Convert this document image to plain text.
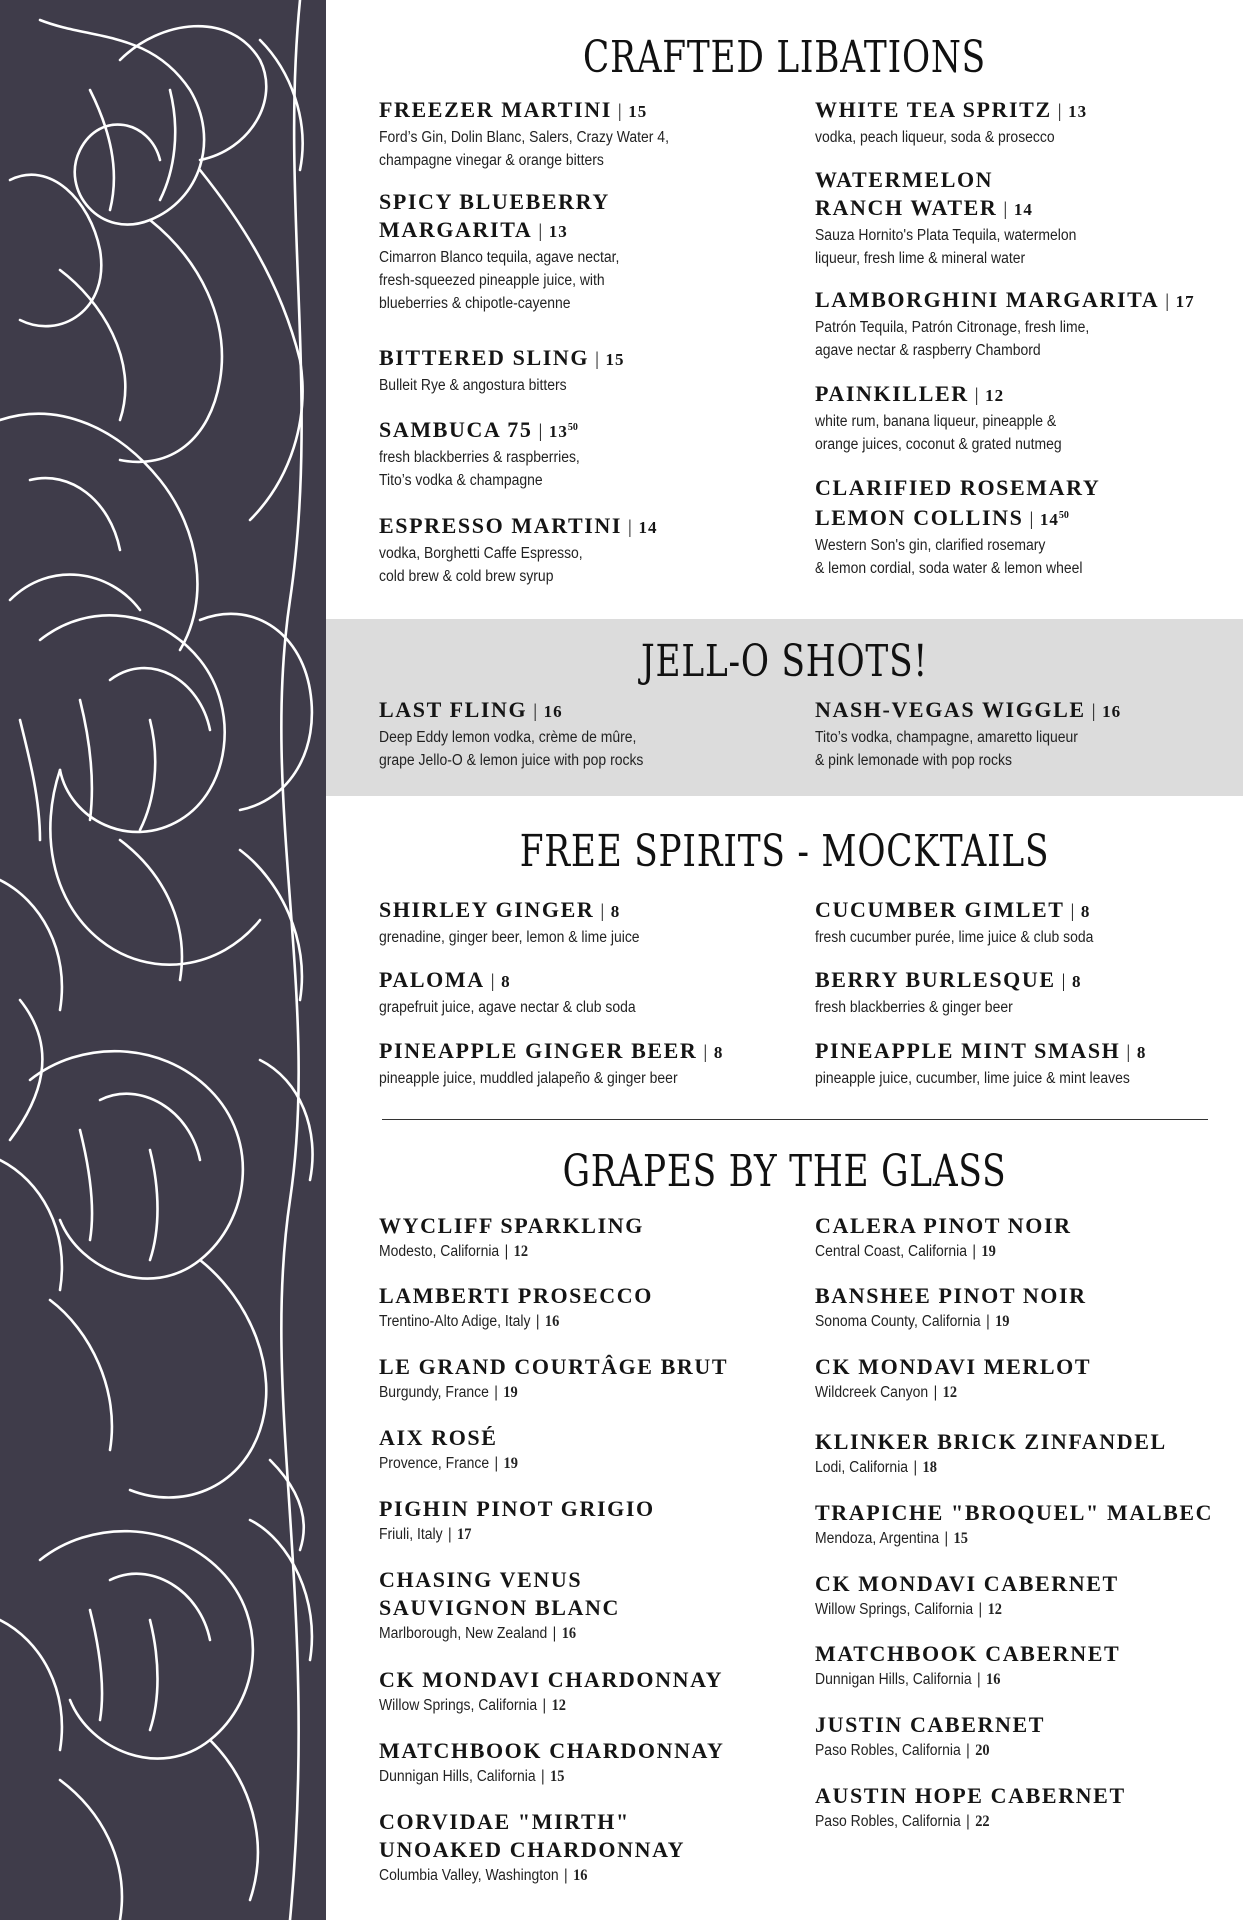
CRAFTED LIBATIONS
JELL-O SHOTS!
FREE SPIRITS - MOCKTAILS
GRAPES BY THE GLASS
FREEZER MARTINI | 15
Ford’s Gin, Dolin Blanc, Salers, Crazy Water 4,
champagne vinegar & orange bitters
SPICY BLUEBERRY
MARGARITA | 13
Cimarron Blanco tequila, agave nectar,
fresh-squeezed pineapple juice, with
blueberries & chipotle-cayenne
BITTERED SLING | 15
Bulleit Rye & angostura bitters
SAMBUCA 75 | $13^{50}$
fresh blackberries & raspberries,
Tito’s vodka & champagne
ESPRESSO MARTINI | 14
vodka, Borghetti Caffe Espresso,
cold brew & cold brew syrup
WHITE TEA SPRITZ | 13
vodka, peach liqueur, soda & prosecco
WATERMELON
RANCH WATER | 14
Sauza Hornito's Plata Tequila, watermelon
liqueur, fresh lime & mineral water
LAMBORGHINI MARGARITA | 17
Patrón Tequila, Patrón Citronage, fresh lime,
agave nectar & raspberry Chambord
PAINKILLER | 12
white rum, banana liqueur, pineapple &
orange juices, coconut & grated nutmeg
CLARIFIED ROSEMARY
LEMON COLLINS | $14^{50}$
Western Son's gin, clarified rosemary
& lemon cordial, soda water & lemon wheel
LAST FLING | 16
Deep Eddy lemon vodka, crème de mûre,
grape Jello-O & lemon juice with pop rocks
NASH-VEGAS WIGGLE | 16
Tito’s vodka, champagne, amaretto liqueur
& pink lemonade with pop rocks
SHIRLEY GINGER | 8
grenadine, ginger beer, lemon & lime juice
PALOMA | 8
grapefruit juice, agave nectar & club soda
PINEAPPLE GINGER BEER | 8
pineapple juice, muddled jalapeño & ginger beer
CUCUMBER GIMLET | 8
fresh cucumber purée, lime juice & club soda
BERRY BURLESQUE | 8
fresh blackberries & ginger beer
PINEAPPLE MINT SMASH | 8
pineapple juice, cucumber, lime juice & mint leaves
WYCLIFF SPARKLING
Modesto, California | 12
LAMBERTI PROSECCO
Trentino-Alto Adige, Italy | 16
LE GRAND COURTÂGE BRUT
Burgundy, France | 19
AIX ROSÉ
Provence, France | 19
PIGHIN PINOT GRIGIO
Friuli, Italy | 17
CHASING VENUS
SAUVIGNON BLANC
Marlborough, New Zealand | 16
CK MONDAVI CHARDONNAY
Willow Springs, California | 12
MATCHBOOK CHARDONNAY
Dunnigan Hills, California | 15
CORVIDAE "MIRTH"
UNOAKED CHARDONNAY
Columbia Valley, Washington | 16
CALERA PINOT NOIR
Central Coast, California | 19
BANSHEE PINOT NOIR
Sonoma County, California | 19
CK MONDAVI MERLOT
Wildcreek Canyon | 12
KLINKER BRICK ZINFANDEL
Lodi, California | 18
TRAPICHE "BROQUEL" MALBEC
Mendoza, Argentina | 15
CK MONDAVI CABERNET
Willow Springs, California | 12
MATCHBOOK CABERNET
Dunnigan Hills, California | 16
JUSTIN CABERNET
Paso Robles, California | 20
AUSTIN HOPE CABERNET
Paso Robles, California | 22
